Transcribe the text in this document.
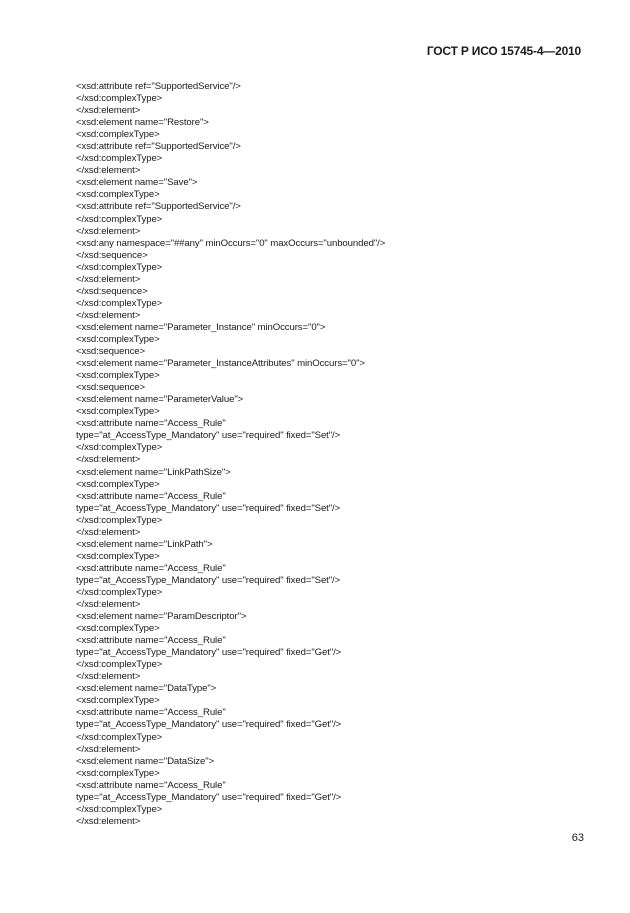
ГОСТ Р ИСО 15745-4—2010
<xsd:attribute ref="SupportedService"/>
</xsd:complexType>
</xsd:element>
<xsd:element name="Restore">
<xsd:complexType>
<xsd:attribute ref="SupportedService"/>
</xsd:complexType>
</xsd:element>
<xsd:element name="Save">
<xsd:complexType>
<xsd:attribute ref="SupportedService"/>
</xsd:complexType>
</xsd:element>
<xsd:any namespace="##any" minOccurs="0" maxOccurs="unbounded"/>
</xsd:sequence>
</xsd:complexType>
</xsd:element>
</xsd:sequence>
</xsd:complexType>
</xsd:element>
<xsd:element name="Parameter_Instance" minOccurs="0">
<xsd:complexType>
<xsd:sequence>
<xsd:element name="Parameter_InstanceAttributes" minOccurs="0">
<xsd:complexType>
<xsd:sequence>
<xsd:element name="ParameterValue">
<xsd:complexType>
<xsd:attribute name="Access_Rule"
type="at_AccessType_Mandatory" use="required" fixed="Set"/>
</xsd:complexType>
</xsd:element>
<xsd:element name="LinkPathSize">
<xsd:complexType>
<xsd:attribute name="Access_Rule"
type="at_AccessType_Mandatory" use="required" fixed="Set"/>
</xsd:complexType>
</xsd:element>
<xsd:element name="LinkPath">
<xsd:complexType>
<xsd:attribute name="Access_Rule"
type="at_AccessType_Mandatory" use="required" fixed="Set"/>
</xsd:complexType>
</xsd:element>
<xsd:element name="ParamDescriptor">
<xsd:complexType>
<xsd:attribute name="Access_Rule"
type="at_AccessType_Mandatory" use="required" fixed="Get"/>
</xsd:complexType>
</xsd:element>
<xsd:element name="DataType">
<xsd:complexType>
<xsd:attribute name="Access_Rule"
type="at_AccessType_Mandatory" use="required" fixed="Get"/>
</xsd:complexType>
</xsd:element>
<xsd:element name="DataSize">
<xsd:complexType>
<xsd:attribute name="Access_Rule"
type="at_AccessType_Mandatory" use="required" fixed="Get"/>
</xsd:complexType>
</xsd:element>
63
